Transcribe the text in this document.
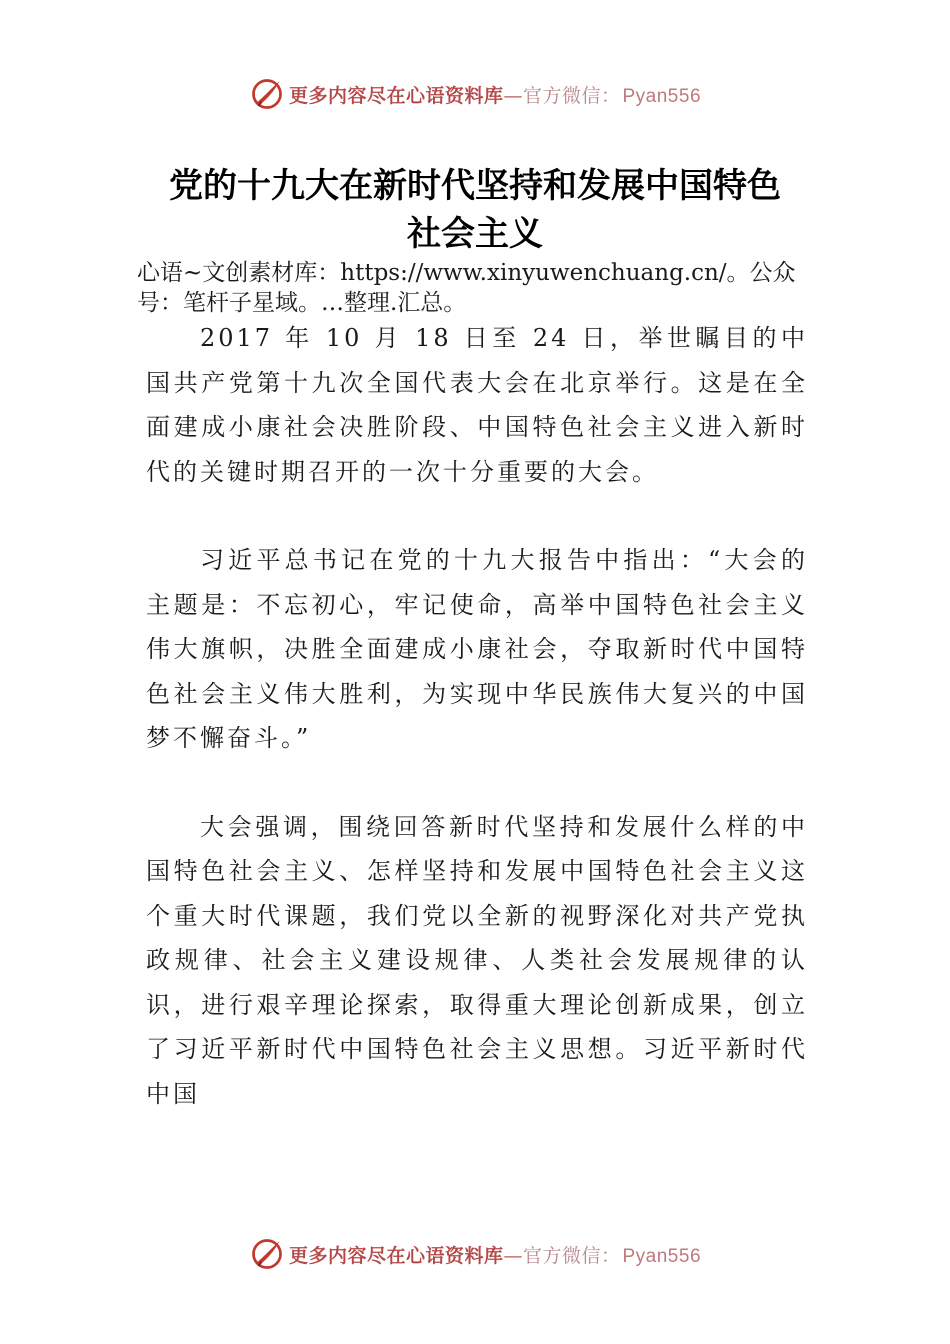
更多内容尽在心语资料库—官方微信： Pyan556
党的十九大在新时代坚持和发展中国特色
社会主义

心语~文创素材库：https://www.xinyuwenchuang.cn/。公众号：笔杆子星域。…整理.汇总。

2017 年 10 月 18 日至 24 日，举世瞩目的中国共产党第十九次全国代表大会在北京举行。这是在全面建成小康社会决胜阶段、中国特色社会主义进入新时代的关键时期召开的一次十分重要的大会。

习近平总书记在党的十九大报告中指出：“大会的主题是：不忘初心，牢记使命，高举中国特色社会主义伟大旗帜，决胜全面建成小康社会，夺取新时代中国特色社会主义伟大胜利，为实现中华民族伟大复兴的中国梦不懈奋斗。”

大会强调，围绕回答新时代坚持和发展什么样的中国特色社会主义、怎样坚持和发展中国特色社会主义这个重大时代课题，我们党以全新的视野深化对共产党执政规律、社会主义建设规律、人类社会发展规律的认识，进行艰辛理论探索，取得重大理论创新成果，创立了习近平新时代中国特色社会主义思想。习近平新时代中国

更多内容尽在心语资料库—官方微信： Pyan556
